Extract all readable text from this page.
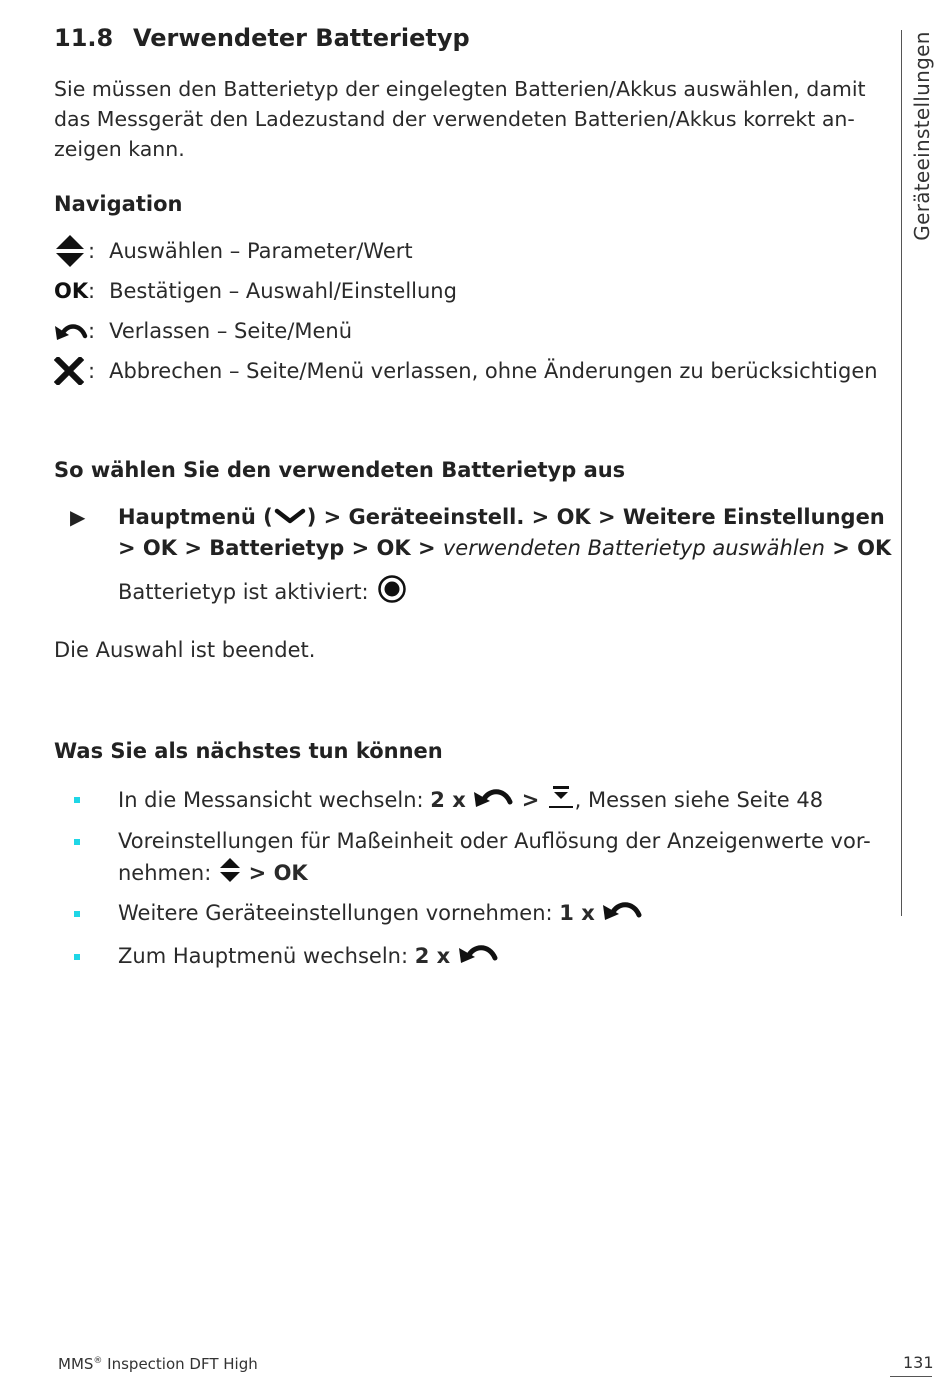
Geräteeinstellungen
11.8 Verwendeter Batterietyp
Sie müssen den Batterietyp der eingelegten Batterien/Akkus auswählen, damit das Messgerät den Ladezustand der verwendeten Batterien/Akkus korrekt an-zeigen kann.
Navigation
: Auswählen – Parameter/Wert
OK : Bestätigen – Auswahl/Einstellung
: Verlassen – Seite/Menü
: Abbrechen – Seite/Menü verlassen, ohne Änderungen zu berücksichtigen
So wählen Sie den verwendeten Batterietyp aus
▶ Hauptmenü ( ) > Geräteeinstell. > OK > Weitere Einstellungen > OK > Batterietyp > OK > verwendeten Batterietyp auswählen > OK
Batterietyp ist aktiviert:
Die Auswahl ist beendet.
Was Sie als nächstes tun können
In die Messansicht wechseln: 2 x  > , Messen siehe Seite 48
Voreinstellungen für Maßeinheit oder Auflösung der Anzeigenwerte vor-nehmen:  > OK
Weitere Geräteeinstellungen vornehmen: 1 x
Zum Hauptmenü wechseln: 2 x
MMS® Inspection DFT High	131
